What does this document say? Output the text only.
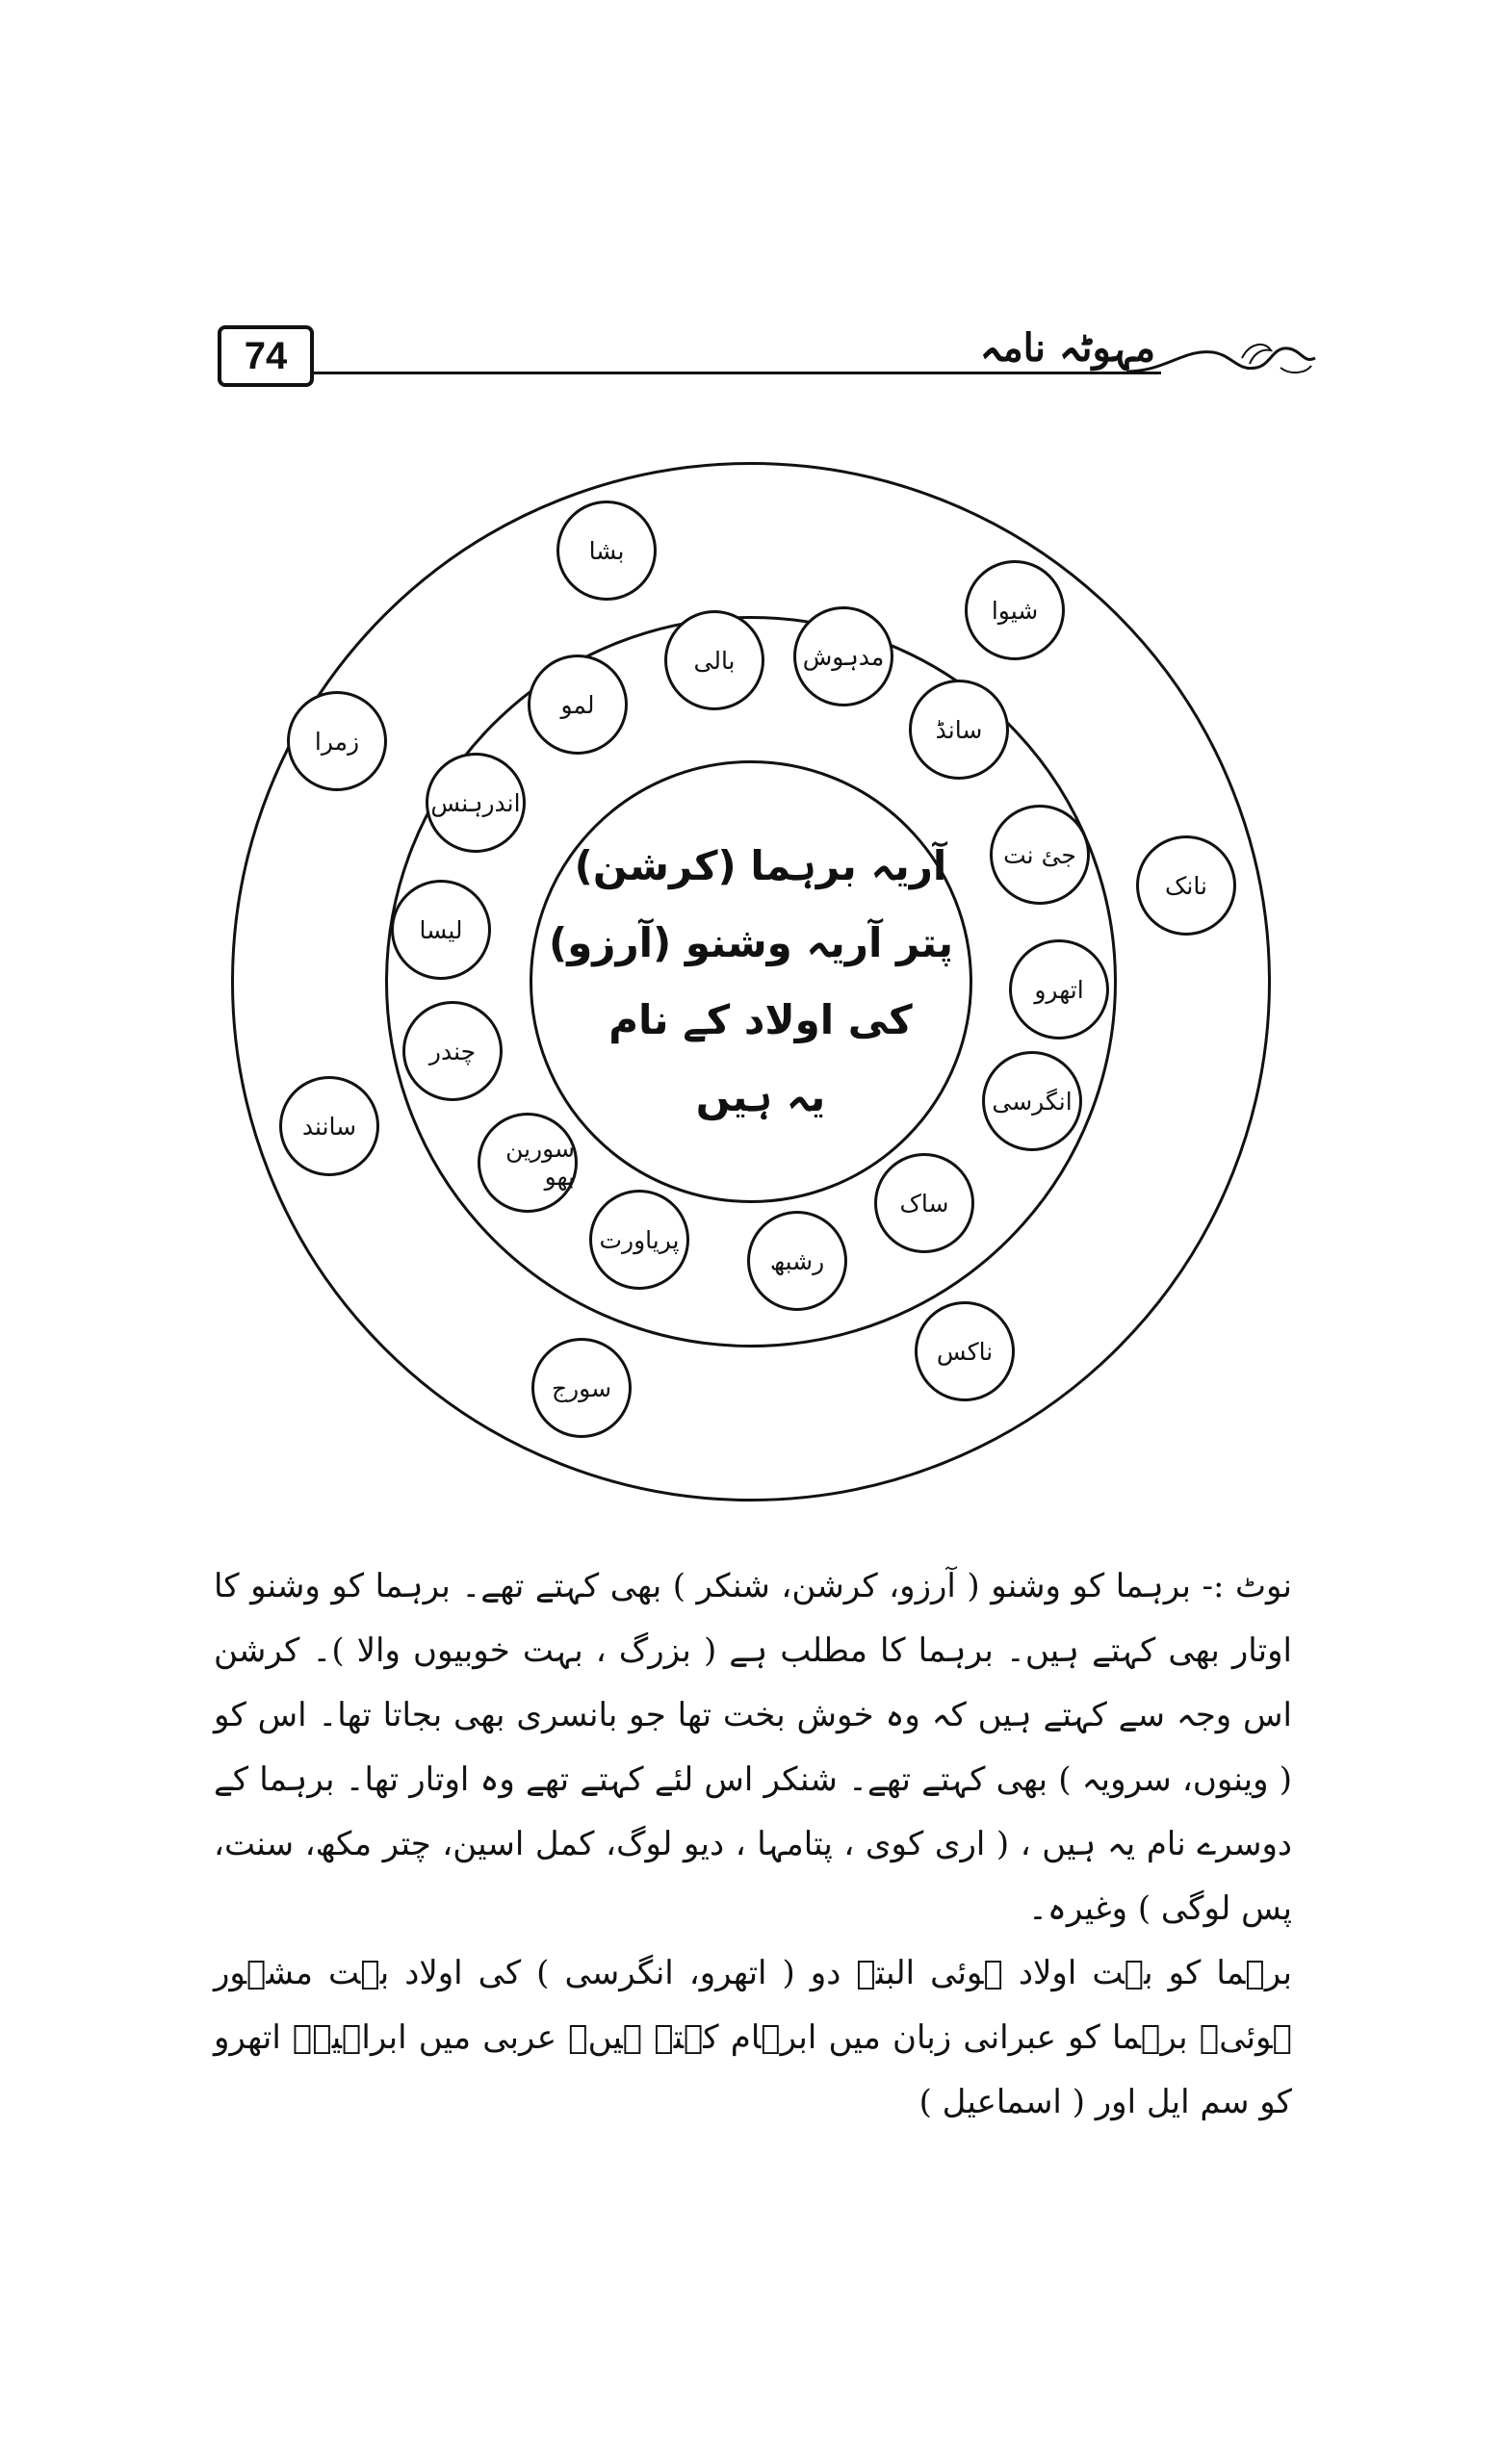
74	مہوٹہ نامہ
آریہ برہما (کرشن)
پتر آریہ وشنو (آرزو)
کی اولاد کے نام
یہ ہیں
بشا
شیوا
نانک
ناکس
سورج
سانند
زمرا
مدہوش
سانڈ
جئ نت
اتھرو
انگرسی
ساک
رشبھ
پریاورت
سورین بھو
چندر
لیسا
اندرہنس
لمو
بالی

نوٹ :- برہما کو وشنو ( آرزو، کرشن، شنکر ) بھی کہتے تھے۔ برہما کو وشنو کا اوتار بھی کہتے ہیں۔ برہما کا مطلب ہے ( بزرگ ، بہت خوبیوں والا )۔ کرشن اس وجہ سے کہتے ہیں کہ وہ خوش بخت تھا جو بانسری بھی بجاتا تھا۔ اس کو ( وینوں، سرویہ ) بھی کہتے تھے۔ شنکر اس لئے کہتے تھے وہ اوتار تھا۔ برہما کے دوسرے نام یہ ہیں ، ( اری کوی ، پتامہا ، دیو لوگ، کمل اسین، چتر مکھ، سنت، پس لوگی ) وغیرہ۔

برہما کو بہت اولاد ہوئی البتہ دو ( اتھرو، انگرسی ) کی اولاد بہت مشہور ہوئی۔ برہما کو عبرانی زبان میں ابرہام کہتے ہیں۔ عربی میں ابراہیمؑ اتھرو کو سم ایل اور ( اسماعیل )
